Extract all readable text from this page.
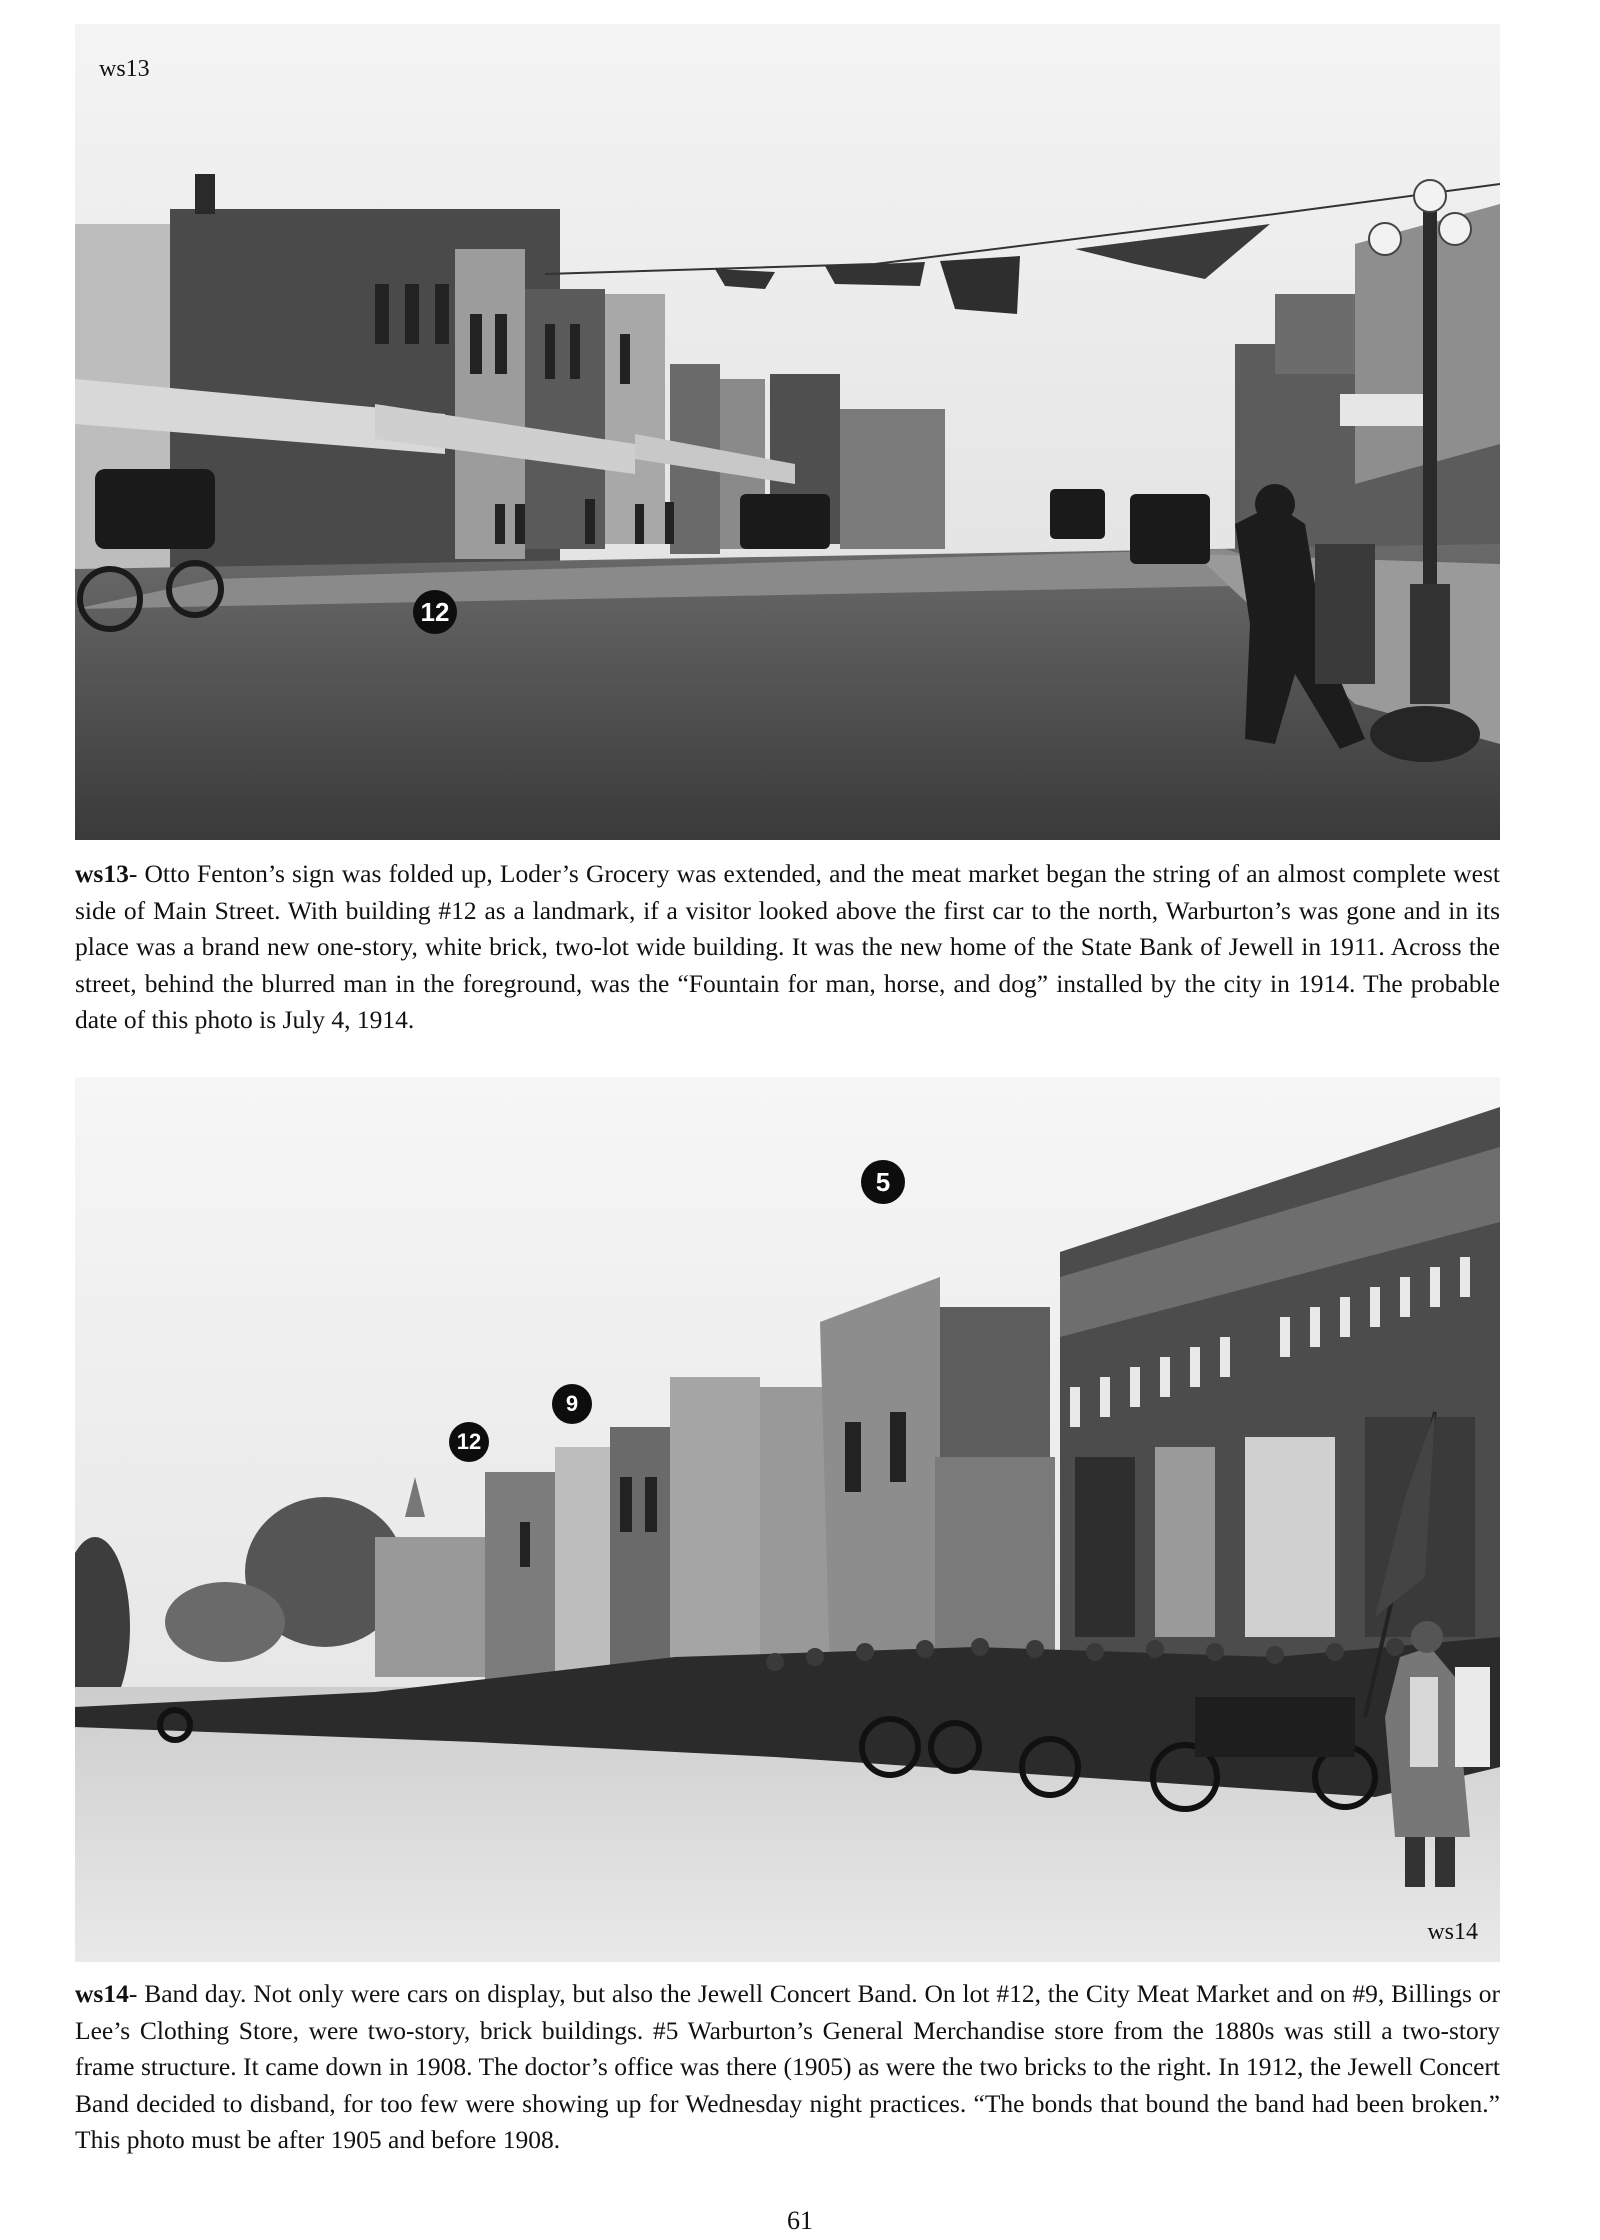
ws13
12

ws13- Otto Fenton’s sign was folded up, Loder’s Grocery was extended, and the meat market began the string of an almost complete west side of Main Street. With building #12 as a landmark, if a visitor looked above the first car to the north, Warburton’s was gone and in its place was a brand new one-story, white brick, two-lot wide building. It was the new home of the State Bank of Jewell in 1911. Across the street, behind the blurred man in the foreground, was the “Fountain for man, horse, and dog” installed by the city in 1914. The probable date of this photo is July 4, 1914.

5
9
12
ws14

ws14- Band day. Not only were cars on display, but also the Jewell Concert Band. On lot #12, the City Meat Market and on #9, Billings or Lee’s Clothing Store, were two-story, brick buildings. #5 Warburton’s General Merchandise store from the 1880s was still a two-story frame structure. It came down in 1908. The doctor’s office was there (1905) as were the two bricks to the right. In 1912, the Jewell Concert Band decided to disband, for too few were showing up for Wednesday night practices. “The bonds that bound the band had been broken.” This photo must be after 1905 and before 1908.

61
